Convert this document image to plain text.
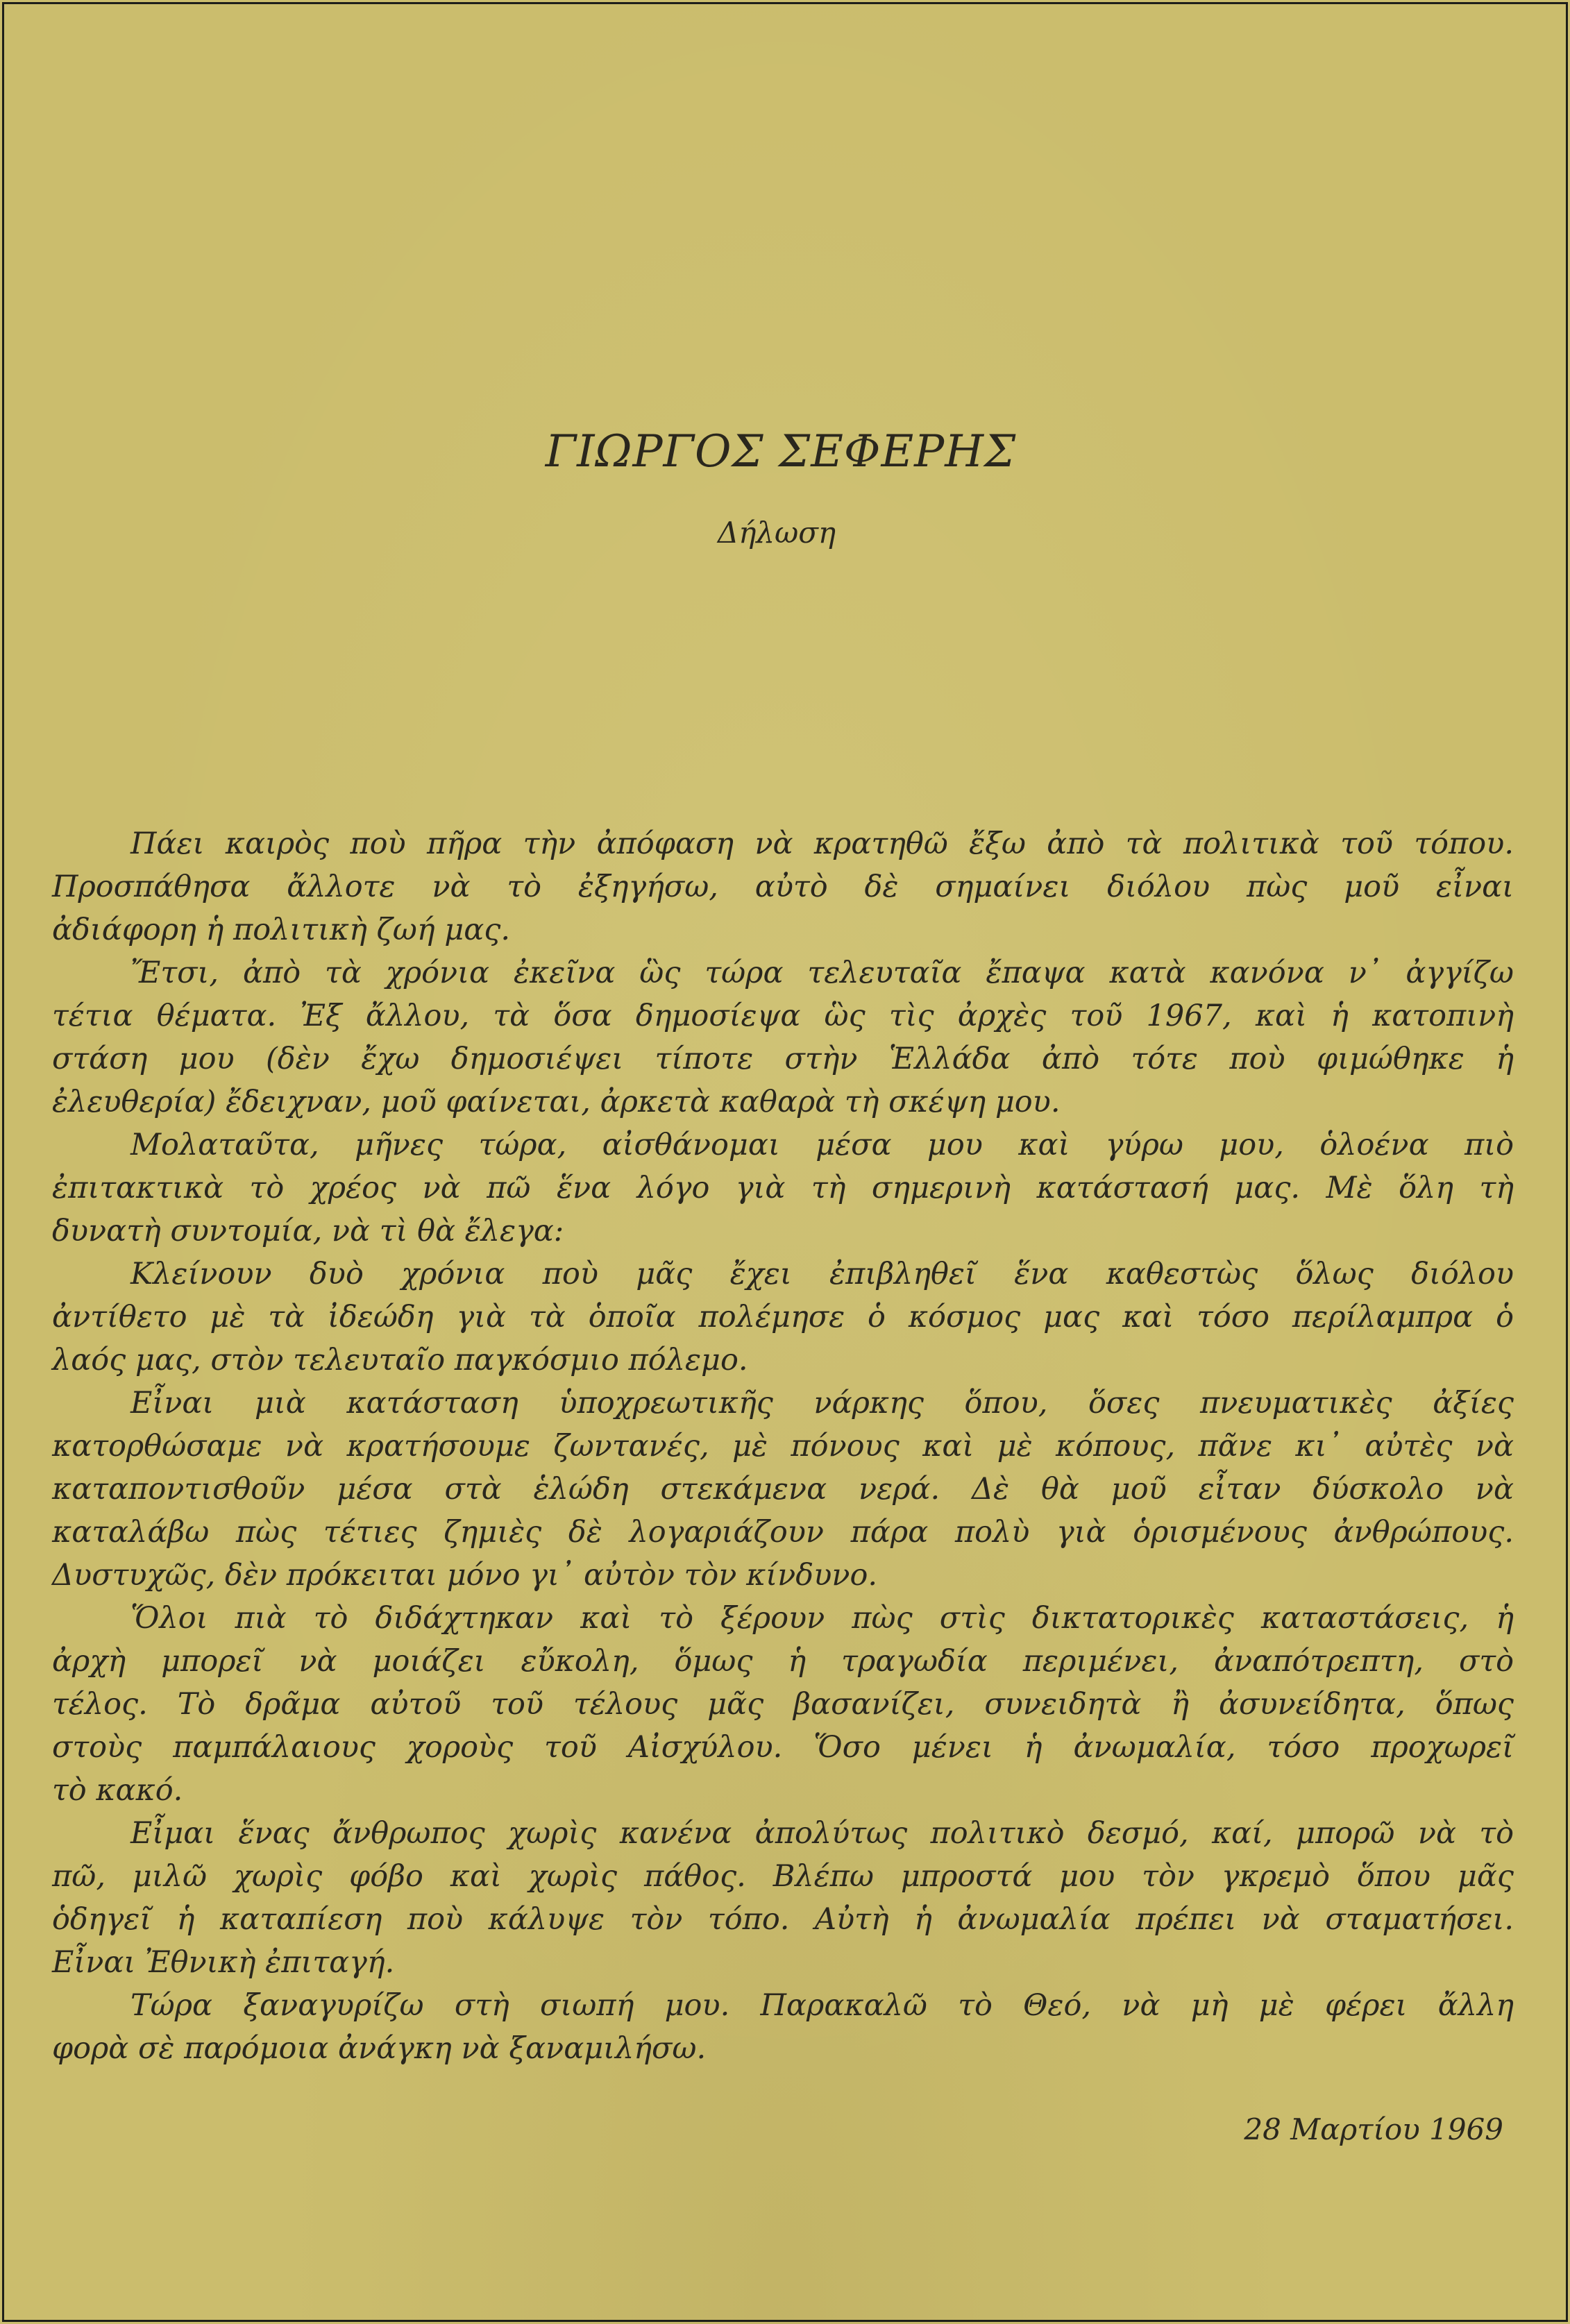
ΓΙΩΡΓΟΣ ΣΕΦΕΡΗΣ
Δήλωση
Πάει καιρὸς ποὺ πῆρα τὴν ἀπόφαση νὰ κρατηθῶ ἔξω ἀπὸ τὰ πολιτικὰ τοῦ τόπου.
Προσπάθησα ἄλλοτε νὰ τὸ ἐξηγήσω, αὐτὸ δὲ σημαίνει διόλου πὼς μοῦ εἶναι
ἀδιάφορη ἡ πολιτικὴ ζωή μας.
Ἔτσι, ἀπὸ τὰ χρόνια ἐκεῖνα ὣς τώρα τελευταῖα ἔπαψα κατὰ κανόνα ν᾿ ἀγγίζω
τέτια θέματα. Ἐξ ἄλλου, τὰ ὅσα δημοσίεψα ὣς τὶς ἀρχὲς τοῦ 1967, καὶ ἡ κατοπινὴ
στάση μου (δὲν ἔχω δημοσιέψει τίποτε στὴν Ἑλλάδα ἀπὸ τότε ποὺ φιμώθηκε ἡ
ἐλευθερία) ἔδειχναν, μοῦ φαίνεται, ἀρκετὰ καθαρὰ τὴ σκέψη μου.
Μολαταῦτα, μῆνες τώρα, αἰσθάνομαι μέσα μου καὶ γύρω μου, ὁλοένα πιὸ
ἐπιτακτικὰ τὸ χρέος νὰ πῶ ἕνα λόγο γιὰ τὴ σημερινὴ κατάστασή μας. Μὲ ὅλη τὴ
δυνατὴ συντομία, νὰ τὶ θὰ ἔλεγα:
Κλείνουν δυὸ χρόνια ποὺ μᾶς ἔχει ἐπιβληθεῖ ἕνα καθεστὼς ὅλως διόλου
ἀντίθετο μὲ τὰ ἰδεώδη γιὰ τὰ ὁποῖα πολέμησε ὁ κόσμος μας καὶ τόσο περίλαμπρα ὁ
λαός μας, στὸν τελευταῖο παγκόσμιο πόλεμο.
Εἶναι μιὰ κατάσταση ὑποχρεωτικῆς νάρκης ὅπου, ὅσες πνευματικὲς ἀξίες
κατορθώσαμε νὰ κρατήσουμε ζωντανές, μὲ πόνους καὶ μὲ κόπους, πᾶνε κι᾿ αὐτὲς νὰ
καταποντισθοῦν μέσα στὰ ἑλώδη στεκάμενα νερά. Δὲ θὰ μοῦ εἶταν δύσκολο νὰ
καταλάβω πὼς τέτιες ζημιὲς δὲ λογαριάζουν πάρα πολὺ γιὰ ὁρισμένους ἀνθρώπους.
Δυστυχῶς, δὲν πρόκειται μόνο γι᾿ αὐτὸν τὸν κίνδυνο.
Ὅλοι πιὰ τὸ διδάχτηκαν καὶ τὸ ξέρουν πὼς στὶς δικτατορικὲς καταστάσεις, ἡ
ἀρχὴ μπορεῖ νὰ μοιάζει εὔκολη, ὅμως ἡ τραγωδία περιμένει, ἀναπότρεπτη, στὸ
τέλος. Τὸ δρᾶμα αὐτοῦ τοῦ τέλους μᾶς βασανίζει, συνειδητὰ ἢ ἀσυνείδητα, ὅπως
στοὺς παμπάλαιους χοροὺς τοῦ Αἰσχύλου. Ὅσο μένει ἡ ἀνωμαλία, τόσο προχωρεῖ
τὸ κακό.
Εἶμαι ἕνας ἄνθρωπος χωρὶς κανένα ἀπολύτως πολιτικὸ δεσμό, καί, μπορῶ νὰ τὸ
πῶ, μιλῶ χωρὶς φόβο καὶ χωρὶς πάθος. Βλέπω μπροστά μου τὸν γκρεμὸ ὅπου μᾶς
ὁδηγεῖ ἡ καταπίεση ποὺ κάλυψε τὸν τόπο. Αὐτὴ ἡ ἀνωμαλία πρέπει νὰ σταματήσει.
Εἶναι Ἐθνικὴ ἐπιταγή.
Τώρα ξαναγυρίζω στὴ σιωπή μου. Παρακαλῶ τὸ Θεό, νὰ μὴ μὲ φέρει ἄλλη
φορὰ σὲ παρόμοια ἀνάγκη νὰ ξαναμιλήσω.
28 Μαρτίου 1969
